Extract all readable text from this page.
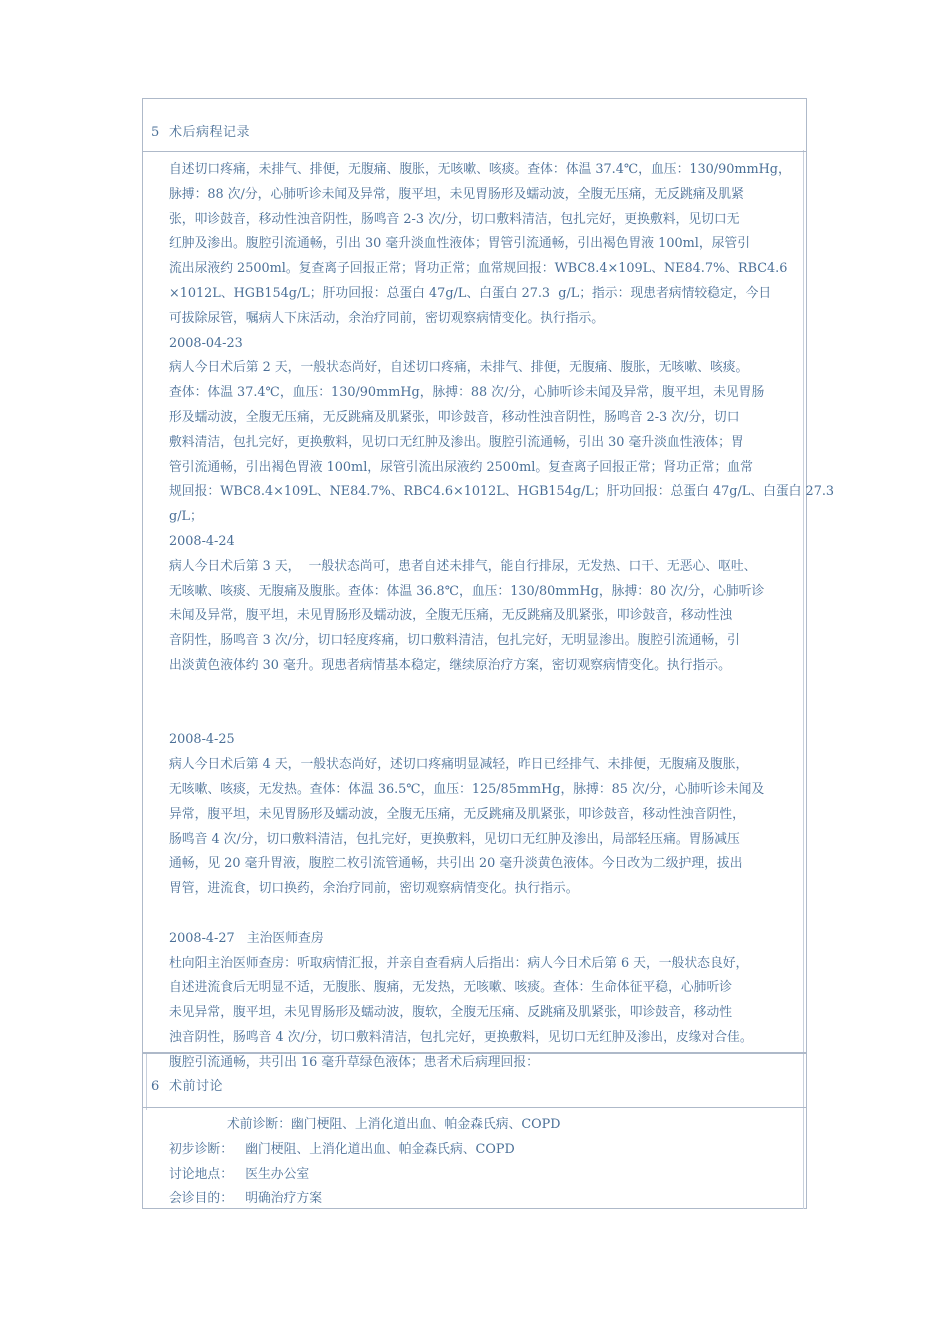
5  术后病程记录
自述切口疼痛，未排气、排便，无腹痛、腹胀，无咳嗽、咳痰。查体：体温 37.4℃，血压：130/90mmHg，
脉搏：88 次/分，心肺听诊未闻及异常，腹平坦，未见胃肠形及蠕动波，全腹无压痛，无反跳痛及肌紧
张，叩诊鼓音，移动性浊音阴性，肠鸣音 2-3 次/分，切口敷料清洁，包扎完好，更换敷料，见切口无
红肿及渗出。腹腔引流通畅，引出 30 毫升淡血性液体；胃管引流通畅，引出褐色胃液 100ml，尿管引
流出尿液约 2500ml。复查离子回报正常；肾功正常；血常规回报：WBC8.4×109L、NE84.7%、RBC4.6
×1012L、HGB154g/L；肝功回报：总蛋白 47g/L、白蛋白 27.3  g/L；指示：现患者病情较稳定，今日
可拔除尿管，嘱病人下床活动，余治疗同前，密切观察病情变化。执行指示。
2008-04-23
病人今日术后第 2 天，一般状态尚好，自述切口疼痛，未排气、排便，无腹痛、腹胀，无咳嗽、咳痰。
查体：体温 37.4℃，血压：130/90mmHg，脉搏：88 次/分，心肺听诊未闻及异常，腹平坦，未见胃肠
形及蠕动波，全腹无压痛，无反跳痛及肌紧张，叩诊鼓音，移动性浊音阴性，肠鸣音 2-3 次/分，切口
敷料清洁，包扎完好，更换敷料，见切口无红肿及渗出。腹腔引流通畅，引出 30 毫升淡血性液体；胃
管引流通畅，引出褐色胃液 100ml，尿管引流出尿液约 2500ml。复查离子回报正常；肾功正常；血常
规回报：WBC8.4×109L、NE84.7%、RBC4.6×1012L、HGB154g/L；肝功回报：总蛋白 47g/L、白蛋白 27.3
g/L；
2008-4-24
病人今日术后第 3 天，  一般状态尚可，患者自述未排气，能自行排尿，无发热、口干、无恶心、呕吐、
无咳嗽、咳痰、无腹痛及腹胀。查体：体温 36.8℃，血压：130/80mmHg，脉搏：80 次/分，心肺听诊
未闻及异常，腹平坦，未见胃肠形及蠕动波，全腹无压痛，无反跳痛及肌紧张，叩诊鼓音，移动性浊
音阴性，肠鸣音 3 次/分，切口轻度疼痛，切口敷料清洁，包扎完好，无明显渗出。腹腔引流通畅，引
出淡黄色液体约 30 毫升。现患者病情基本稳定，继续原治疗方案，密切观察病情变化。执行指示。
2008-4-25
病人今日术后第 4 天，一般状态尚好，述切口疼痛明显减轻，昨日已经排气、未排便，无腹痛及腹胀，
无咳嗽、咳痰，无发热。查体：体温 36.5℃，血压：125/85mmHg，脉搏：85 次/分，心肺听诊未闻及
异常，腹平坦，未见胃肠形及蠕动波，全腹无压痛，无反跳痛及肌紧张，叩诊鼓音，移动性浊音阴性，
肠鸣音 4 次/分，切口敷料清洁，包扎完好，更换敷料，见切口无红肿及渗出，局部轻压痛。胃肠减压
通畅，见 20 毫升胃液，腹腔二枚引流管通畅，共引出 20 毫升淡黄色液体。今日改为二级护理，拔出
胃管，进流食，切口换药，余治疗同前，密切观察病情变化。执行指示。
2008-4-27   主治医师查房
杜向阳主治医师查房：听取病情汇报，并亲自查看病人后指出：病人今日术后第 6 天，一般状态良好，
自述进流食后无明显不适，无腹胀、腹痛，无发热，无咳嗽、咳痰。查体：生命体征平稳，心肺听诊
未见异常，腹平坦，未见胃肠形及蠕动波，腹软，全腹无压痛、反跳痛及肌紧张，叩诊鼓音，移动性
浊音阴性，肠鸣音 4 次/分，切口敷料清洁，包扎完好，更换敷料，见切口无红肿及渗出，皮缘对合佳。
腹腔引流通畅，共引出 16 毫升草绿色液体；患者术后病理回报：
6  术前讨论
术前诊断：幽门梗阻、上消化道出血、帕金森氏病、COPD
初步诊断： 幽门梗阻、上消化道出血、帕金森氏病、COPD
讨论地点： 医生办公室
会诊目的： 明确治疗方案
